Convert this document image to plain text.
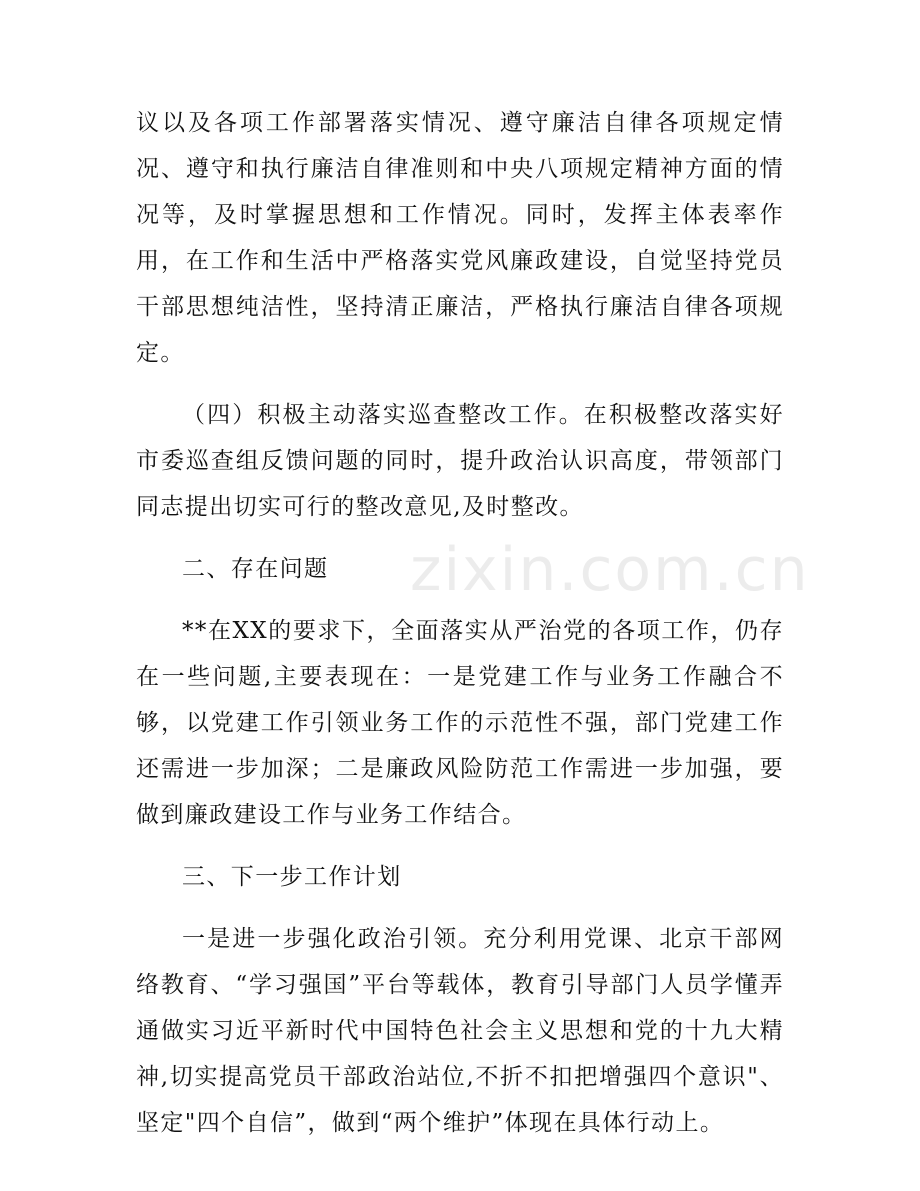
议以及各项工作部署落实情况、遵守廉洁自律各项规定情况、遵守和执行廉洁自律准则和中央八项规定精神方面的情况等，及时掌握思想和工作情况。同时，发挥主体表率作用，在工作和生活中严格落实党风廉政建设，自觉坚持党员干部思想纯洁性，坚持清正廉洁，严格执行廉洁自律各项规定。

（四）积极主动落实巡查整改工作。在积极整改落实好市委巡查组反馈问题的同时，提升政治认识高度，带领部门同志提出切实可行的整改意见,及时整改。

二、存在问题

**在XX的要求下，全面落实从严治党的各项工作，仍存在一些问题,主要表现在：一是党建工作与业务工作融合不够，以党建工作引领业务工作的示范性不强，部门党建工作还需进一步加深；二是廉政风险防范工作需进一步加强，要做到廉政建设工作与业务工作结合。

三、下一步工作计划

一是进一步强化政治引领。充分利用党课、北京干部网络教育、“学习强国”平台等载体，教育引导部门人员学懂弄通做实习近平新时代中国特色社会主义思想和党的十九大精神,切实提高党员干部政治站位,不折不扣把增强四个意识"、坚定"四个自信”，做到“两个维护”体现在具体行动上。

zixin.com.cn
